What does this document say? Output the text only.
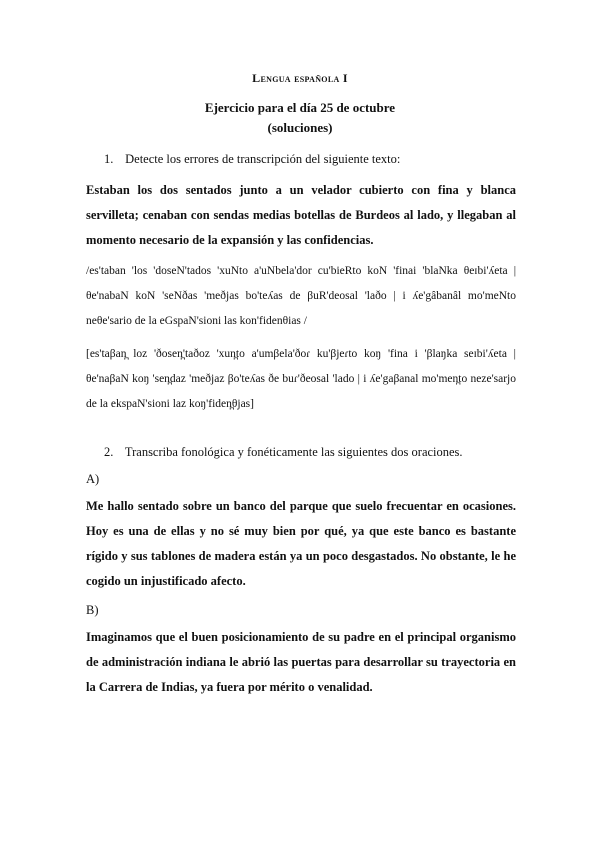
Lengua española I
Ejercicio para el día 25 de octubre
(soluciones)
1. Detecte los errores de transcripción del siguiente texto:
Estaban los dos sentados junto a un velador cubierto con fina y blanca servilleta; cenaban con sendas medias botellas de Burdeos al lado, y llegaban al momento necesario de la expansión y las confidencias.
/es'taban 'los 'doseN'tados 'xuNto a'uNbela'dor cu'bieRto koN 'finai 'blaNka θeɪbi'ʎeta | θe'nabaN koN 'seNðas 'meðjas bo'teʎas de βuR'deosal 'laðo | i ʎe'gâbanâl mo'meNto neθe'sario de la eGspaN'sioni las kon'fidenθias /
[es'taβan̪ loz 'ðosen̪'taðoz 'xun̪to a'umβela'ðoɾ ku'βjeɾto koŋ 'fina i 'βlaŋka seɪbi'ʎeta | θe'naβaN koŋ 'sen̪daz 'meðjaz βo'teʎas ðe buɾ'ðeosal 'lado | i ʎe'gaβanal mo'men̪to neze'sarjo de la ekspaN'sioni laz koŋ'fiden̪θjas]
2. Transcriba fonológica y fonéticamente las siguientes dos oraciones.
A)
Me hallo sentado sobre un banco del parque que suelo frecuentar en ocasiones. Hoy es una de ellas y no sé muy bien por qué, ya que este banco es bastante rígido y sus tablones de madera están ya un poco desgastados. No obstante, le he cogido un injustificado afecto.
B)
Imaginamos que el buen posicionamiento de su padre en el principal organismo de administración indiana le abrió las puertas para desarrollar su trayectoria en la Carrera de Indias, ya fuera por mérito o venalidad.
